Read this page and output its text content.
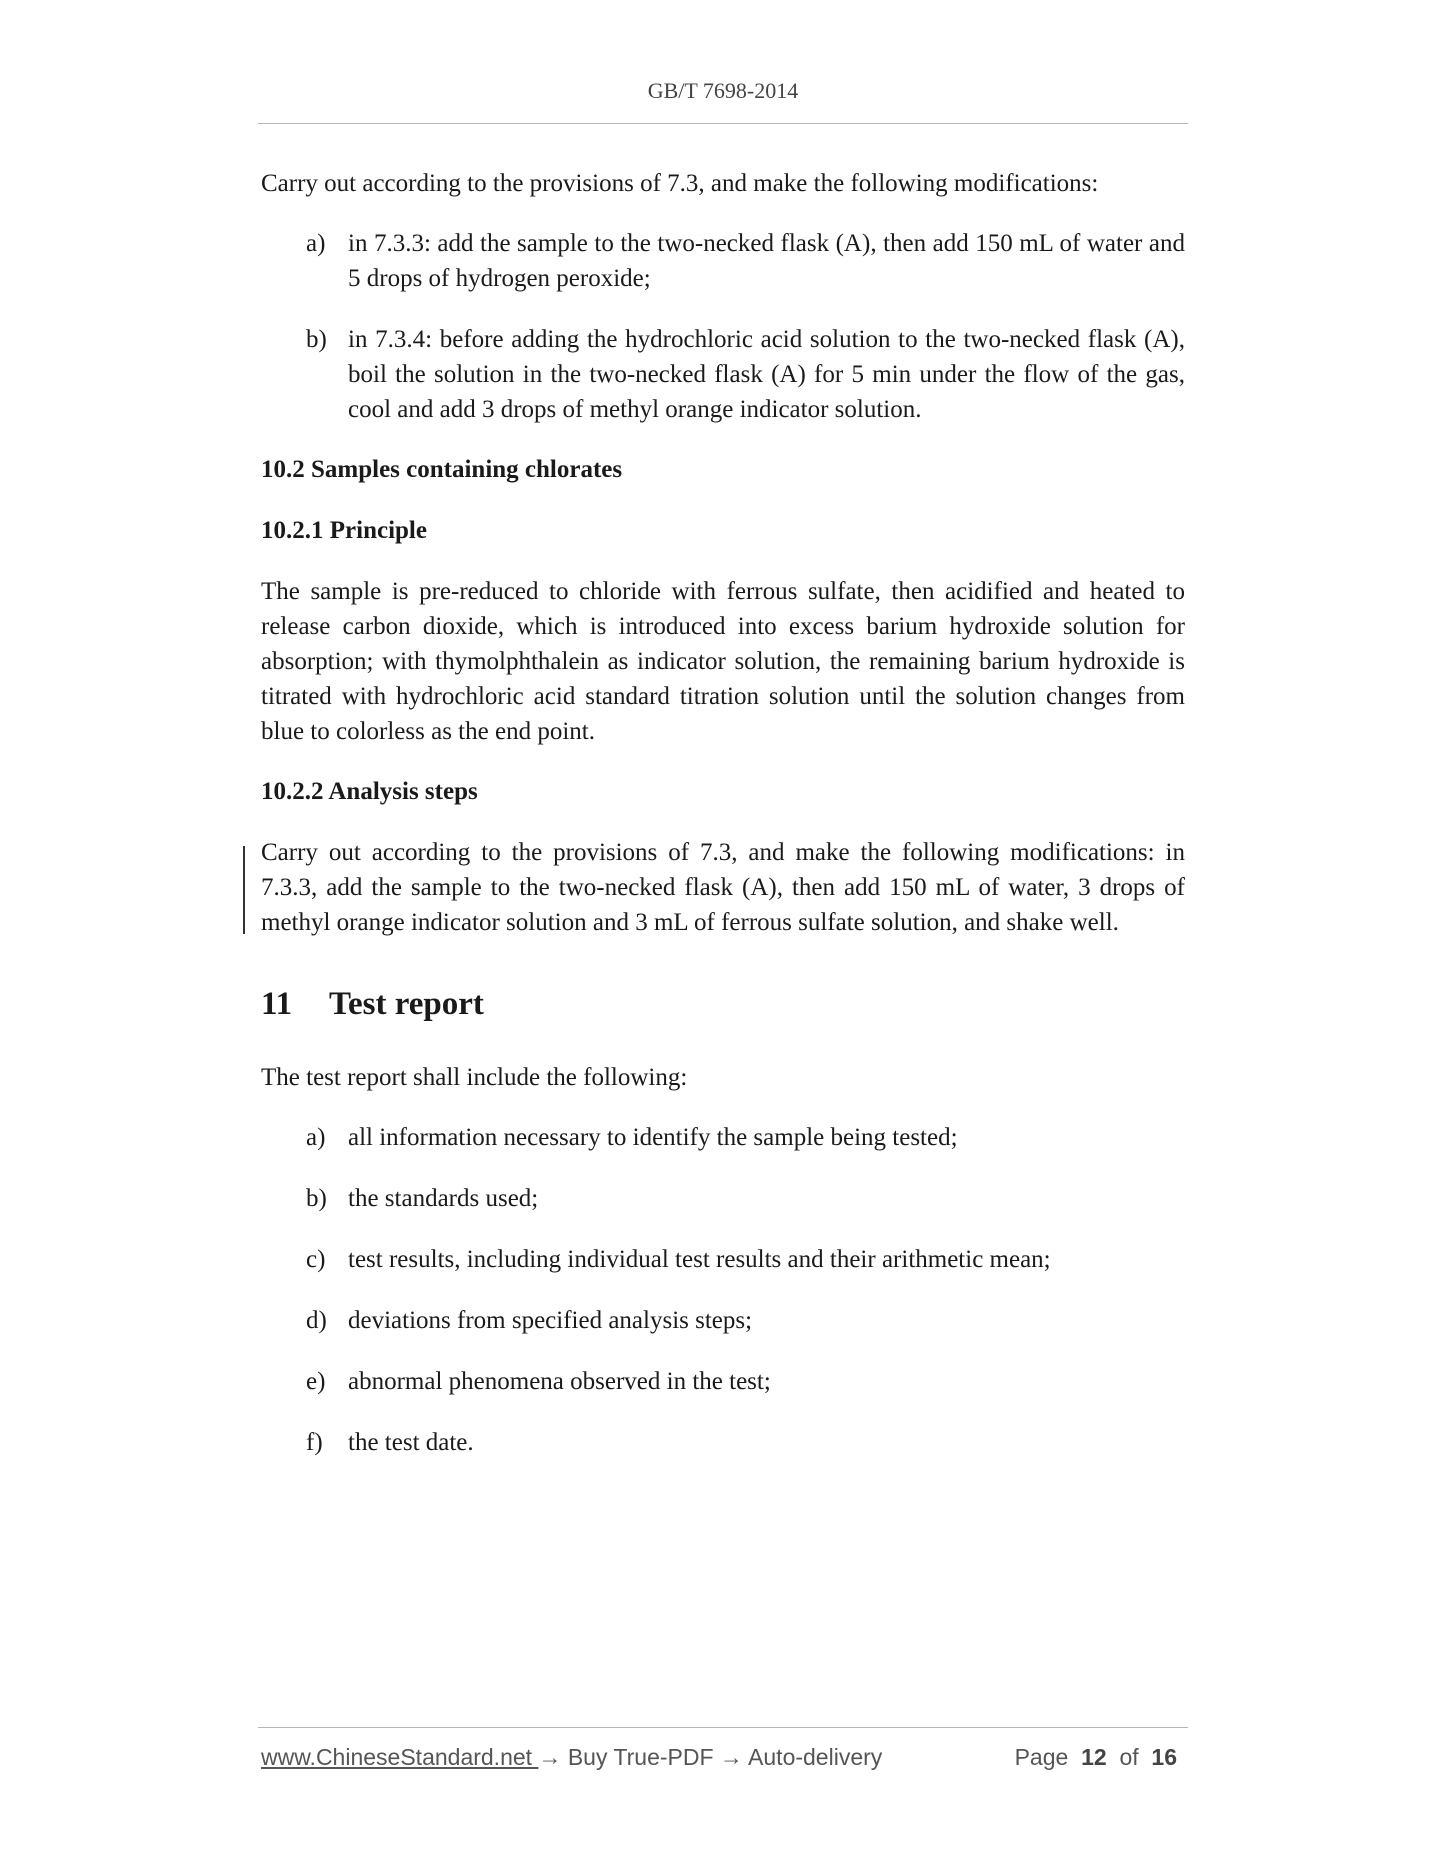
GB/T 7698-2014

Carry out according to the provisions of 7.3, and make the following modifications:

a) in 7.3.3: add the sample to the two-necked flask (A), then add 150 mL of water and 5 drops of hydrogen peroxide;
b) in 7.3.4: before adding the hydrochloric acid solution to the two-necked flask (A), boil the solution in the two-necked flask (A) for 5 min under the flow of the gas, cool and add 3 drops of methyl orange indicator solution.

10.2 Samples containing chlorates

10.2.1 Principle

The sample is pre-reduced to chloride with ferrous sulfate, then acidified and heated to release carbon dioxide, which is introduced into excess barium hydroxide solution for absorption; with thymolphthalein as indicator solution, the remaining barium hydroxide is titrated with hydrochloric acid standard titration solution until the solution changes from blue to colorless as the end point.

10.2.2 Analysis steps

Carry out according to the provisions of 7.3, and make the following modifications: in 7.3.3, add the sample to the two-necked flask (A), then add 150 mL of water, 3 drops of methyl orange indicator solution and 3 mL of ferrous sulfate solution, and shake well.

11 Test report

The test report shall include the following:

a) all information necessary to identify the sample being tested;
b) the standards used;
c) test results, including individual test results and their arithmetic mean;
d) deviations from specified analysis steps;
e) abnormal phenomena observed in the test;
f) the test date.
www.ChineseStandard.net → Buy True-PDF → Auto-delivery	Page 12 of 16
